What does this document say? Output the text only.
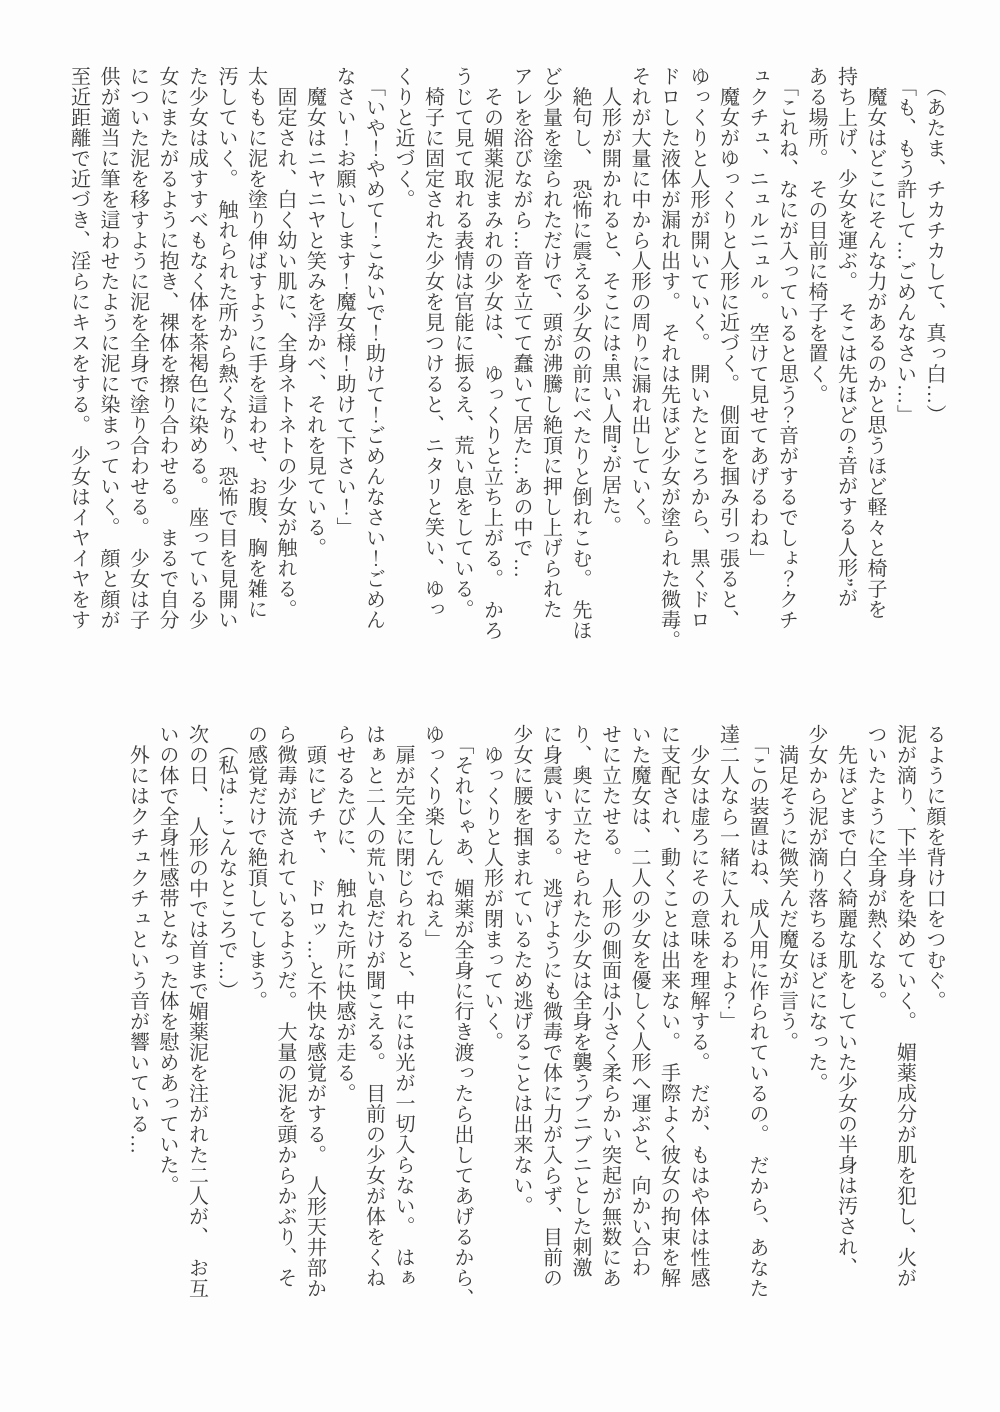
　（あたま、チカチカして、真っ白…）

　「も、もう許して…ごめんなさい…」

　魔女はどこにそんな力があるのかと思うほど軽々と椅子を

持ち上げ、少女を運ぶ。　そこは先ほどの“音がする人形”が

ある場所。　その目前に椅子を置く。

　「これね、なにが入っていると思う？音がするでしょ？クチ

ュクチュ、ニュルニュル。　空けて見せてあげるわね」

　魔女がゆっくりと人形に近づく。　側面を掴み引っ張ると、

ゆっくりと人形が開いていく。　開いたところから、黒くドロ

ドロした液体が漏れ出す。　それは先ほど少女が塗られた微毒。

それが大量に中から人形の周りに漏れ出していく。

　人形が開かれると、そこには“黒い人間”が居た。

　絶句し、　恐怖に震える少女の前にべたりと倒れこむ。　先ほ

ど少量を塗られただけで、頭が沸騰し絶頂に押し上げられた

アレを浴びながら…音を立てて蠢いて居た…あの中で…

　その媚薬泥まみれの少女は、　ゆっくりと立ち上がる。　かろ

うじて見て取れる表情は官能に振るえ、荒い息をしている。

　椅子に固定された少女を見つけると、ニタリと笑い、ゆっ

くりと近づく。

　「いや！やめて！こないで！助けて！ごめんなさい！ごめん

なさい！お願いします！魔女様！助けて下さい！」

　魔女はニヤニヤと笑みを浮かべ、それを見ている。

　固定され、白く幼い肌に、全身ネトネトの少女が触れる。

太ももに泥を塗り伸ばすように手を這わせ、お腹、胸を雑に

汚していく。　触れられた所から熱くなり、恐怖で目を見開い

た少女は成すすべもなく体を茶褐色に染める。　座っている少

女にまたがるように抱き、裸体を擦り合わせる。　まるで自分

についた泥を移すように泥を全身で塗り合わせる。　少女は子

供が適当に筆を這わせたように泥に染まっていく。　顔と顔が

至近距離で近づき、淫らにキスをする。　少女はイヤイヤをす

るように顔を背け口をつむぐ。

泥が滴り、下半身を染めていく。　媚薬成分が肌を犯し、火が

ついたように全身が熱くなる。

　先ほどまで白く綺麗な肌をしていた少女の半身は汚され、

少女から泥が滴り落ちるほどになった。

　満足そうに微笑んだ魔女が言う。

　「この装置はね、成人用に作られているの。　だから、あなた

達二人なら一緒に入れるわよ？」

　少女は虚ろにその意味を理解する。　だが、もはや体は性感

に支配され、動くことは出来ない。　手際よく彼女の拘束を解

いた魔女は、二人の少女を優しく人形へ運ぶと、向かい合わ

せに立たせる。　人形の側面は小さく柔らかい突起が無数にあ

り、奥に立たせられた少女は全身を襲うブニブニとした刺激

に身震いする。　逃げようにも微毒で体に力が入らず、目前の

少女に腰を掴まれているため逃げることは出来ない。

　ゆっくりと人形が閉まっていく。

　「それじゃあ、媚薬が全身に行き渡ったら出してあげるから、

ゆっくり楽しんでねえ」

　扉が完全に閉じられると、中には光が一切入らない。　はぁ

はぁと二人の荒い息だけが聞こえる。　目前の少女が体をくね

らせるたびに、　触れた所に快感が走る。

　頭にビチャ、　ドロッ…と不快な感覚がする。　人形天井部か

ら微毒が流されているようだ。　大量の泥を頭からかぶり、そ

の感覚だけで絶頂してしまう。

　（私は…こんなところで…）

次の日、　人形の中では首まで媚薬泥を注がれた二人が、　お互

いの体で全身性感帯となった体を慰めあっていた。

　外にはクチュクチュという音が響いている…
